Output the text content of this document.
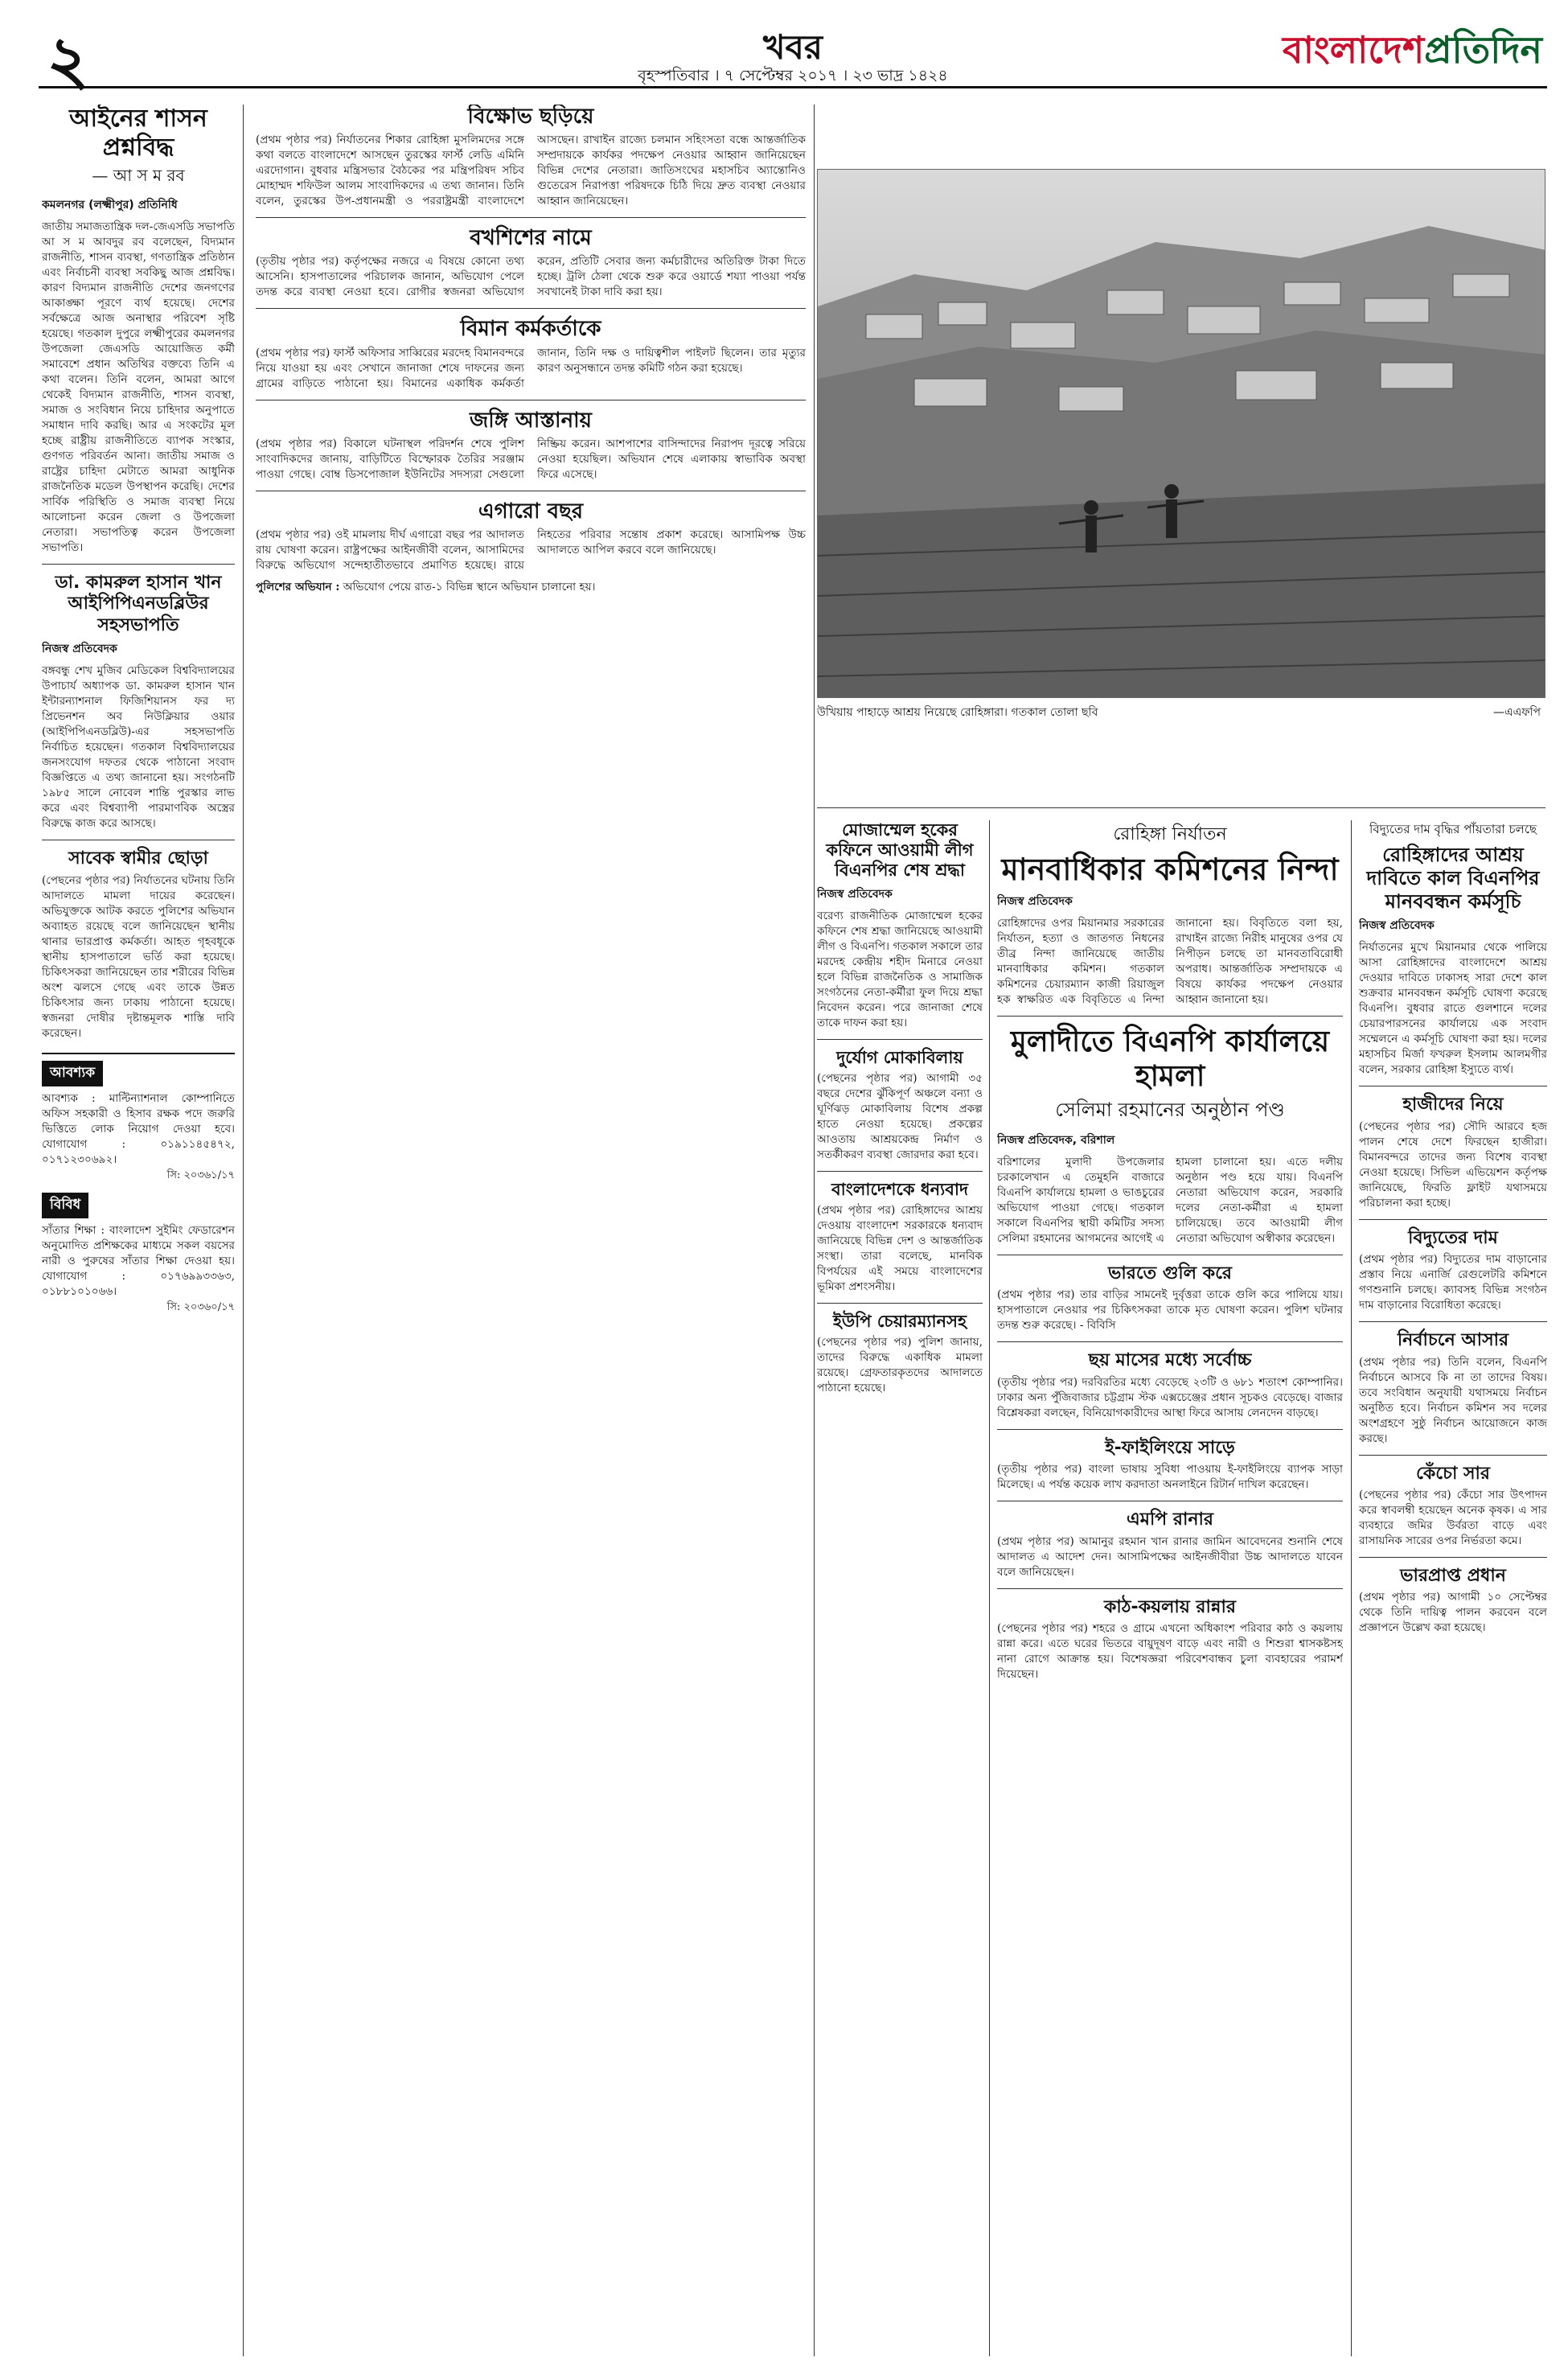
২	খবর
বৃহস্পতিবার । ৭ সেপ্টেম্বর ২০১৭ । ২৩ ভাদ্র ১৪২৪
বাংলাদেশপ্রতিদিন
আইনের শাসন
প্রশ্নবিদ্ধ
— আ স ম রব
কমলনগর (লক্ষ্মীপুর) প্রতিনিধি
জাতীয় সমাজতান্ত্রিক দল-জেএসডি সভাপতি আ স ম আবদুর রব বলেছেন, বিদ্যমান রাজনীতি, শাসন ব্যবস্থা, গণতান্ত্রিক প্রতিষ্ঠান এবং নির্বাচনী ব্যবস্থা সবকিছু আজ প্রশ্নবিদ্ধ। কারণ বিদ্যমান রাজনীতি দেশের জনগণের আকাঙ্ক্ষা পূরণে ব্যর্থ হয়েছে। দেশের সর্বক্ষেত্রে আজ অনাস্থার পরিবেশ সৃষ্টি হয়েছে। গতকাল দুপুরে লক্ষ্মীপুরের কমলনগর উপজেলা জেএসডি আয়োজিত কর্মী সমাবেশে প্রধান অতিথির বক্তব্যে তিনি এ কথা বলেন। তিনি বলেন, আমরা আগে থেকেই বিদ্যমান রাজনীতি, শাসন ব্যবস্থা, সমাজ ও সংবিধান নিয়ে চাহিদার অনুপাতে সমাধান দাবি করছি। আর এ সংকটের মূল হচ্ছে রাষ্ট্রীয় রাজনীতিতে ব্যাপক সংস্কার, গুণগত পরিবর্তন আনা। জাতীয় সমাজ ও রাষ্ট্রের চাহিদা মেটাতে আমরা আধুনিক রাজনৈতিক মডেল উপস্থাপন করেছি। দেশের সার্বিক পরিস্থিতি ও সমাজ ব্যবস্থা নিয়ে আলোচনা করেন জেলা ও উপজেলা নেতারা। সভাপতিত্ব করেন উপজেলা সভাপতি।
ডা. কামরুল হাসান খান আইপিপিএনডব্লিউর সহসভাপতি
নিজস্ব প্রতিবেদক
বঙ্গবন্ধু শেখ মুজিব মেডিকেল বিশ্ববিদ্যালয়ের উপাচার্য অধ্যাপক ডা. কামরুল হাসান খান ইন্টারন্যাশনাল ফিজিশিয়ানস ফর দ্য প্রিভেনশন অব নিউক্লিয়ার ওয়ার (আইপিপিএনডব্লিউ)-এর সহসভাপতি নির্বাচিত হয়েছেন। গতকাল বিশ্ববিদ্যালয়ের জনসংযোগ দফতর থেকে পাঠানো সংবাদ বিজ্ঞপ্তিতে এ তথ্য জানানো হয়। সংগঠনটি ১৯৮৫ সালে নোবেল শান্তি পুরস্কার লাভ করে এবং বিশ্বব্যাপী পারমাণবিক অস্ত্রের বিরুদ্ধে কাজ করে আসছে।
সাবেক স্বামীর ছোড়া
(পেছনের পৃষ্ঠার পর) নির্যাতনের ঘটনায় তিনি আদালতে মামলা দায়ের করেছেন। অভিযুক্তকে আটক করতে পুলিশের অভিযান অব্যাহত রয়েছে বলে জানিয়েছেন স্থানীয় থানার ভারপ্রাপ্ত কর্মকর্তা। আহত গৃহবধূকে স্থানীয় হাসপাতালে ভর্তি করা হয়েছে। চিকিৎসকরা জানিয়েছেন তার শরীরের বিভিন্ন অংশ ঝলসে গেছে এবং তাকে উন্নত চিকিৎসার জন্য ঢাকায় পাঠানো হয়েছে। স্বজনরা দোষীর দৃষ্টান্তমূলক শাস্তি দাবি করেছেন।
আবশ্যক
আবশ্যক : মাল্টিন্যাশনাল কোম্পানিতে অফিস সহকারী ও হিসাব রক্ষক পদে জরুরি ভিত্তিতে লোক নিয়োগ দেওয়া হবে। যোগাযোগ : ০১৯১১৪৫৪৭২, ০১৭১২৩০৬৯২।
সি: ২০৩৬১/১৭
বিবিধ
সাঁতার শিক্ষা : বাংলাদেশ সুইমিং ফেডারেশন অনুমোদিত প্রশিক্ষকের মাধ্যমে সকল বয়সের নারী ও পুরুষের সাঁতার শিক্ষা দেওয়া হয়। যোগাযোগ : ০১৭৬৯৯৩৩৬৩, ০১৮৮১০১০৬৬।
সি: ২০৩৬০/১৭
বিক্ষোভ ছড়িয়ে
(প্রথম পৃষ্ঠার পর) নির্যাতনের শিকার রোহিঙ্গা মুসলিমদের সঙ্গে কথা বলতে বাংলাদেশে আসছেন তুরস্কের ফার্স্ট লেডি এমিনি এরদোগান। বুধবার মন্ত্রিসভার বৈঠকের পর মন্ত্রিপরিষদ সচিব মোহাম্মদ শফিউল আলম সাংবাদিকদের এ তথ্য জানান। তিনি বলেন, তুরস্কের উপ-প্রধানমন্ত্রী ও পররাষ্ট্রমন্ত্রী বাংলাদেশে আসছেন। রাখাইন রাজ্যে চলমান সহিংসতা বন্ধে আন্তর্জাতিক সম্প্রদায়কে কার্যকর পদক্ষেপ নেওয়ার আহ্বান জানিয়েছেন বিভিন্ন দেশের নেতারা। জাতিসংঘের মহাসচিব অ্যান্তোনিও গুতেরেস নিরাপত্তা পরিষদকে চিঠি দিয়ে দ্রুত ব্যবস্থা নেওয়ার আহ্বান জানিয়েছেন।
বখশিশের নামে
(তৃতীয় পৃষ্ঠার পর) কর্তৃপক্ষের নজরে এ বিষয়ে কোনো তথ্য আসেনি। হাসপাতালের পরিচালক জানান, অভিযোগ পেলে তদন্ত করে ব্যবস্থা নেওয়া হবে। রোগীর স্বজনরা অভিযোগ করেন, প্রতিটি সেবার জন্য কর্মচারীদের অতিরিক্ত টাকা দিতে হচ্ছে। ট্রলি ঠেলা থেকে শুরু করে ওয়ার্ডে শয্যা পাওয়া পর্যন্ত সবখানেই টাকা দাবি করা হয়।
বিমান কর্মকর্তাকে
(প্রথম পৃষ্ঠার পর) ফার্স্ট অফিসার সাব্বিরের মরদেহ বিমানবন্দরে নিয়ে যাওয়া হয় এবং সেখানে জানাজা শেষে দাফনের জন্য গ্রামের বাড়িতে পাঠানো হয়। বিমানের একাধিক কর্মকর্তা জানান, তিনি দক্ষ ও দায়িত্বশীল পাইলট ছিলেন। তার মৃত্যুর কারণ অনুসন্ধানে তদন্ত কমিটি গঠন করা হয়েছে।
জঙ্গি আস্তানায়
(প্রথম পৃষ্ঠার পর) বিকালে ঘটনাস্থল পরিদর্শন শেষে পুলিশ সাংবাদিকদের জানায়, বাড়িটিতে বিস্ফোরক তৈরির সরঞ্জাম পাওয়া গেছে। বোম্ব ডিসপোজাল ইউনিটের সদস্যরা সেগুলো নিষ্ক্রিয় করেন। আশপাশের বাসিন্দাদের নিরাপদ দূরত্বে সরিয়ে নেওয়া হয়েছিল। অভিযান শেষে এলাকায় স্বাভাবিক অবস্থা ফিরে এসেছে।
এগারো বছর
(প্রথম পৃষ্ঠার পর) ওই মামলায় দীর্ঘ এগারো বছর পর আদালত রায় ঘোষণা করেন। রাষ্ট্রপক্ষের আইনজীবী বলেন, আসামিদের বিরুদ্ধে অভিযোগ সন্দেহাতীতভাবে প্রমাণিত হয়েছে। রায়ে নিহতের পরিবার সন্তোষ প্রকাশ করেছে। আসামিপক্ষ উচ্চ আদালতে আপিল করবে বলে জানিয়েছে।
পুলিশের অভিযান : অভিযোগ পেয়ে রাত-১ বিভিন্ন স্থানে অভিযান চালানো হয়।
উখিয়ায় পাহাড়ে আশ্রয় নিয়েছে রোহিঙ্গারা। গতকাল তোলা ছবি	—এএফপি
মোজাম্মেল হকের কফিনে আওয়ামী লীগ বিএনপির শেষ শ্রদ্ধা
নিজস্ব প্রতিবেদক
বরেণ্য রাজনীতিক মোজাম্মেল হকের কফিনে শেষ শ্রদ্ধা জানিয়েছে আওয়ামী লীগ ও বিএনপি। গতকাল সকালে তার মরদেহ কেন্দ্রীয় শহীদ মিনারে নেওয়া হলে বিভিন্ন রাজনৈতিক ও সামাজিক সংগঠনের নেতা-কর্মীরা ফুল দিয়ে শ্রদ্ধা নিবেদন করেন। পরে জানাজা শেষে তাকে দাফন করা হয়।
দুর্যোগ মোকাবিলায়
(পেছনের পৃষ্ঠার পর) আগামী ৩৫ বছরে দেশের ঝুঁকিপূর্ণ অঞ্চলে বন্যা ও ঘূর্ণিঝড় মোকাবিলায় বিশেষ প্রকল্প হাতে নেওয়া হয়েছে। প্রকল্পের আওতায় আশ্রয়কেন্দ্র নির্মাণ ও সতর্কীকরণ ব্যবস্থা জোরদার করা হবে।
বাংলাদেশকে ধন্যবাদ
(প্রথম পৃষ্ঠার পর) রোহিঙ্গাদের আশ্রয় দেওয়ায় বাংলাদেশ সরকারকে ধন্যবাদ জানিয়েছে বিভিন্ন দেশ ও আন্তর্জাতিক সংস্থা। তারা বলেছে, মানবিক বিপর্যয়ের এই সময়ে বাংলাদেশের ভূমিকা প্রশংসনীয়।
ইউপি চেয়ারম্যানসহ
(পেছনের পৃষ্ঠার পর) পুলিশ জানায়, তাদের বিরুদ্ধে একাধিক মামলা রয়েছে। গ্রেফতারকৃতদের আদালতে পাঠানো হয়েছে।
রোহিঙ্গা নির্যাতন
মানবাধিকার কমিশনের নিন্দা
নিজস্ব প্রতিবেদক
রোহিঙ্গাদের ওপর মিয়ানমার সরকারের নির্যাতন, হত্যা ও জাতগত নিধনের তীব্র নিন্দা জানিয়েছে জাতীয় মানবাধিকার কমিশন। গতকাল কমিশনের চেয়ারম্যান কাজী রিয়াজুল হক স্বাক্ষরিত এক বিবৃতিতে এ নিন্দা জানানো হয়। বিবৃতিতে বলা হয়, রাখাইন রাজ্যে নিরীহ মানুষের ওপর যে নিপীড়ন চলছে তা মানবতাবিরোধী অপরাধ। আন্তর্জাতিক সম্প্রদায়কে এ বিষয়ে কার্যকর পদক্ষেপ নেওয়ার আহ্বান জানানো হয়।
মুলাদীতে বিএনপি কার্যালয়ে হামলা
সেলিমা রহমানের অনুষ্ঠান পণ্ড
নিজস্ব প্রতিবেদক, বরিশাল
বরিশালের মুলাদী উপজেলার চরকালেখান এ তেমুহনি বাজারে বিএনপি কার্যালয়ে হামলা ও ভাঙচুরের অভিযোগ পাওয়া গেছে। গতকাল সকালে বিএনপির স্থায়ী কমিটির সদস্য সেলিমা রহমানের আগমনের আগেই এ হামলা চালানো হয়। এতে দলীয় অনুষ্ঠান পণ্ড হয়ে যায়। বিএনপি নেতারা অভিযোগ করেন, সরকারি দলের নেতা-কর্মীরা এ হামলা চালিয়েছে। তবে আওয়ামী লীগ নেতারা অভিযোগ অস্বীকার করেছেন।
ভারতে গুলি করে
(প্রথম পৃষ্ঠার পর) তার বাড়ির সামনেই দুর্বৃত্তরা তাকে গুলি করে পালিয়ে যায়। হাসপাতালে নেওয়ার পর চিকিৎসকরা তাকে মৃত ঘোষণা করেন। পুলিশ ঘটনার তদন্ত শুরু করেছে। - বিবিসি
ছয় মাসের মধ্যে সর্বোচ্চ
(তৃতীয় পৃষ্ঠার পর) দরবিরতির মধ্যে বেড়েছে ২৩টি ও ৬৮১ শতাংশ কোম্পানির। ঢাকার অন্য পুঁজিবাজার চট্টগ্রাম স্টক এক্সচেঞ্জের প্রধান সূচকও বেড়েছে। বাজার বিশ্লেষকরা বলছেন, বিনিয়োগকারীদের আস্থা ফিরে আসায় লেনদেন বাড়ছে।
ই-ফাইলিংয়ে সাড়ে
(তৃতীয় পৃষ্ঠার পর) বাংলা ভাষায় সুবিধা পাওয়ায় ই-ফাইলিংয়ে ব্যাপক সাড়া মিলেছে। এ পর্যন্ত কয়েক লাখ করদাতা অনলাইনে রিটার্ন দাখিল করেছেন।
এমপি রানার
(প্রথম পৃষ্ঠার পর) আমানুর রহমান খান রানার জামিন আবেদনের শুনানি শেষে আদালত এ আদেশ দেন। আসামিপক্ষের আইনজীবীরা উচ্চ আদালতে যাবেন বলে জানিয়েছেন।
কাঠ-কয়লায় রান্নার
(পেছনের পৃষ্ঠার পর) শহরে ও গ্রামে এখনো অধিকাংশ পরিবার কাঠ ও কয়লায় রান্না করে। এতে ঘরের ভিতরে বায়ুদূষণ বাড়ে এবং নারী ও শিশুরা শ্বাসকষ্টসহ নানা রোগে আক্রান্ত হয়। বিশেষজ্ঞরা পরিবেশবান্ধব চুলা ব্যবহারের পরামর্শ দিয়েছেন।
বিদ্যুতের দাম বৃদ্ধির পাঁয়তারা চলছে
রোহিঙ্গাদের আশ্রয় দাবিতে কাল বিএনপির মানববন্ধন কর্মসূচি
নিজস্ব প্রতিবেদক
নির্যাতনের মুখে মিয়ানমার থেকে পালিয়ে আসা রোহিঙ্গাদের বাংলাদেশে আশ্রয় দেওয়ার দাবিতে ঢাকাসহ সারা দেশে কাল শুক্রবার মানববন্ধন কর্মসূচি ঘোষণা করেছে বিএনপি। বুধবার রাতে গুলশানে দলের চেয়ারপারসনের কার্যালয়ে এক সংবাদ সম্মেলনে এ কর্মসূচি ঘোষণা করা হয়। দলের মহাসচিব মির্জা ফখরুল ইসলাম আলমগীর বলেন, সরকার রোহিঙ্গা ইস্যুতে ব্যর্থ।
হাজীদের নিয়ে
(পেছনের পৃষ্ঠার পর) সৌদি আরবে হজ পালন শেষে দেশে ফিরছেন হাজীরা। বিমানবন্দরে তাদের জন্য বিশেষ ব্যবস্থা নেওয়া হয়েছে। সিভিল এভিয়েশন কর্তৃপক্ষ জানিয়েছে, ফিরতি ফ্লাইট যথাসময়ে পরিচালনা করা হচ্ছে।
বিদ্যুতের দাম
(প্রথম পৃষ্ঠার পর) বিদ্যুতের দাম বাড়ানোর প্রস্তাব নিয়ে এনার্জি রেগুলেটরি কমিশনে গণশুনানি চলছে। ক্যাবসহ বিভিন্ন সংগঠন দাম বাড়ানোর বিরোধিতা করেছে।
নির্বাচনে আসার
(প্রথম পৃষ্ঠার পর) তিনি বলেন, বিএনপি নির্বাচনে আসবে কি না তা তাদের বিষয়। তবে সংবিধান অনুযায়ী যথাসময়ে নির্বাচন অনুষ্ঠিত হবে। নির্বাচন কমিশন সব দলের অংশগ্রহণে সুষ্ঠু নির্বাচন আয়োজনে কাজ করছে।
কেঁচো সার
(পেছনের পৃষ্ঠার পর) কেঁচো সার উৎপাদন করে স্বাবলম্বী হয়েছেন অনেক কৃষক। এ সার ব্যবহারে জমির উর্বরতা বাড়ে এবং রাসায়নিক সারের ওপর নির্ভরতা কমে।
ভারপ্রাপ্ত প্রধান
(প্রথম পৃষ্ঠার পর) আগামী ১০ সেপ্টেম্বর থেকে তিনি দায়িত্ব পালন করবেন বলে প্রজ্ঞাপনে উল্লেখ করা হয়েছে।
